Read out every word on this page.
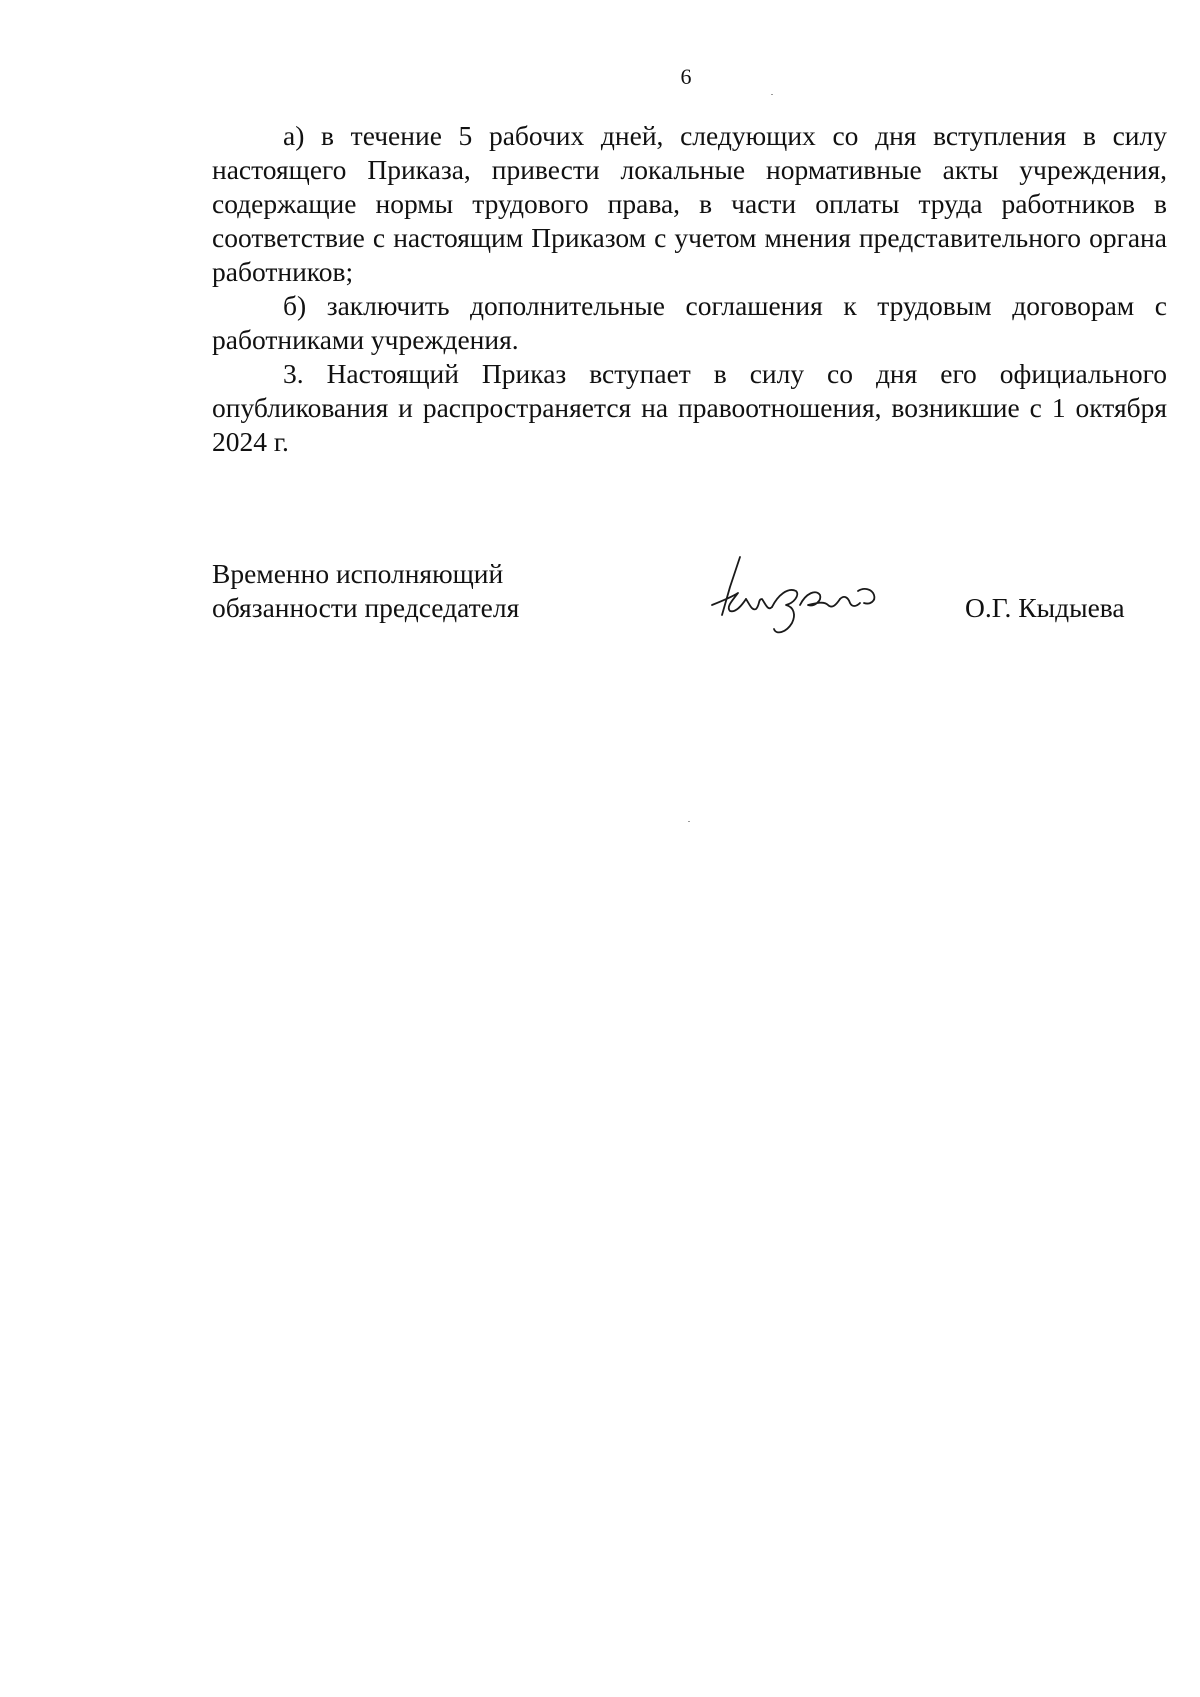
6

а) в течение 5 рабочих дней, следующих со дня вступления в силу настоящего Приказа, привести локальные нормативные акты учреждения, содержащие нормы трудового права, в части оплаты труда работников в соответствие с настоящим Приказом с учетом мнения представительного органа работников;

б) заключить дополнительные соглашения к трудовым договорам с работниками учреждения.

3. Настоящий Приказ вступает в силу со дня его официального опубликования и распространяется на правоотношения, возникшие с 1 октября 2024 г.

Временно исполняющий
обязанности председателя	О.Г. Кыдыева
